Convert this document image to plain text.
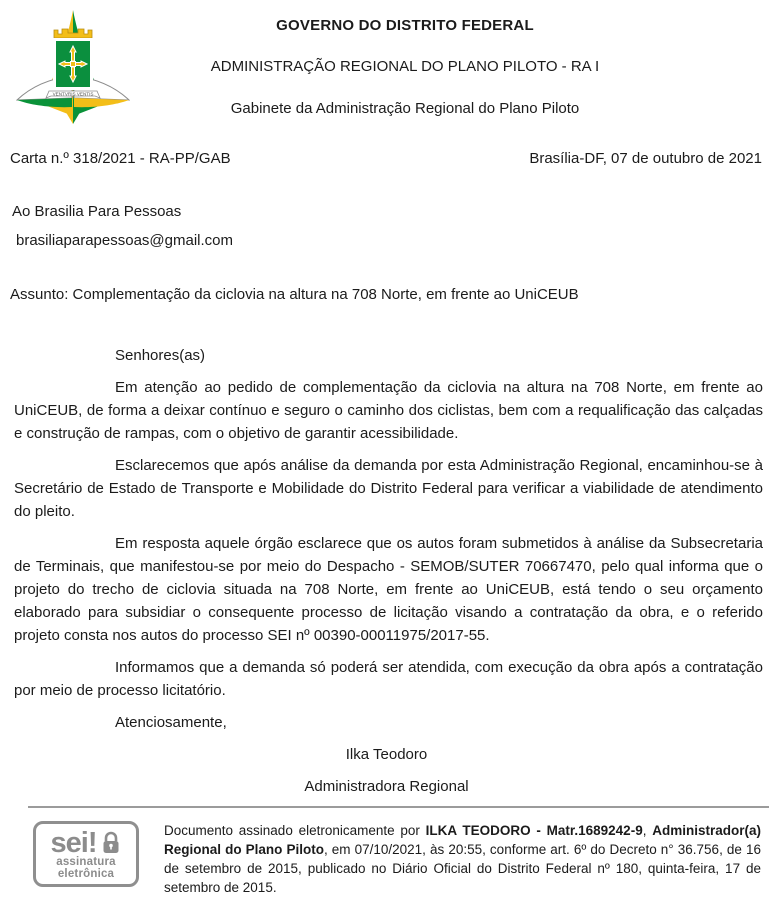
VENTVRIS VENTIS
GOVERNO DO DISTRITO FEDERAL
ADMINISTRAÇÃO REGIONAL DO PLANO PILOTO - RA I
Gabinete da Administração Regional do Plano Piloto
Carta n.º 318/2021 - RA-PP/GAB	Brasília-DF, 07 de outubro de 2021
Ao Brasilia Para Pessoas
brasiliaparapessoas@gmail.com
Assunto: Complementação da ciclovia na altura na 708 Norte, em frente ao UniCEUB

Senhores(as)

Em atenção ao pedido de complementação da ciclovia na altura na 708 Norte, em frente ao UniCEUB, de forma a deixar contínuo e seguro o caminho dos ciclistas, bem com a requalificação das calçadas e construção de rampas, com o objetivo de garantir acessibilidade.

Esclarecemos que após análise da demanda por esta Administração Regional, encaminhou-se à Secretário de Estado de Transporte e Mobilidade do Distrito Federal para verificar a viabilidade de atendimento do pleito.

Em resposta aquele órgão esclarece que os autos foram submetidos à análise da Subsecretaria de Terminais, que manifestou-se por meio do Despacho - SEMOB/SUTER 70667470, pelo qual informa que o projeto do trecho de ciclovia situada na 708 Norte, em frente ao UniCEUB, está tendo o seu orçamento elaborado para subsidiar o consequente processo de licitação visando a contratação da obra, e o referido projeto consta nos autos do processo SEI nº 00390-00011975/2017-55.

Informamos que a demanda só poderá ser atendida, com execução da obra após a contratação por meio de processo licitatório.

Atenciosamente,

Ilka Teodoro
Administradora Regional
sei!
assinatura
eletrônica

Documento assinado eletronicamente por ILKA TEODORO - Matr.1689242-9, Administrador(a) Regional do Plano Piloto, em 07/10/2021, às 20:55, conforme art. 6º do Decreto n° 36.756, de 16 de setembro de 2015, publicado no Diário Oficial do Distrito Federal nº 180, quinta-feira, 17 de setembro de 2015.
